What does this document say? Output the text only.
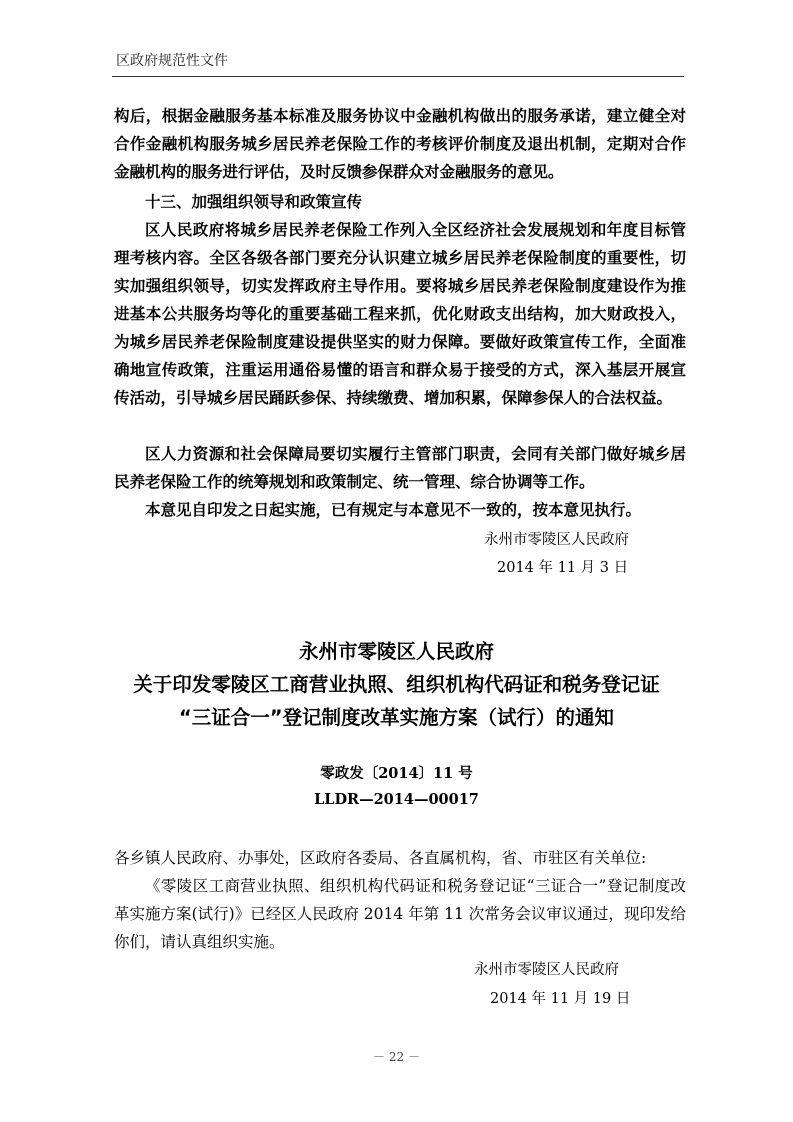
区政府规范性文件
构后，根据金融服务基本标准及服务协议中金融机构做出的服务承诺，建立健全对合作金融机构服务城乡居民养老保险工作的考核评价制度及退出机制，定期对合作金融机构的服务进行评估，及时反馈参保群众对金融服务的意见。
十三、加强组织领导和政策宣传
区人民政府将城乡居民养老保险工作列入全区经济社会发展规划和年度目标管理考核内容。全区各级各部门要充分认识建立城乡居民养老保险制度的重要性，切实加强组织领导，切实发挥政府主导作用。要将城乡居民养老保险制度建设作为推进基本公共服务均等化的重要基础工程来抓，优化财政支出结构，加大财政投入，为城乡居民养老保险制度建设提供坚实的财力保障。要做好政策宣传工作，全面准确地宣传政策，注重运用通俗易懂的语言和群众易于接受的方式，深入基层开展宣传活动，引导城乡居民踊跃参保、持续缴费、增加积累，保障参保人的合法权益。
区人力资源和社会保障局要切实履行主管部门职责，会同有关部门做好城乡居民养老保险工作的统筹规划和政策制定、统一管理、综合协调等工作。
本意见自印发之日起实施，已有规定与本意见不一致的，按本意见执行。
永州市零陵区人民政府
2014 年 11 月 3 日
永州市零陵区人民政府
关于印发零陵区工商营业执照、组织机构代码证和税务登记证
“三证合一”登记制度改革实施方案（试行）的通知
零政发〔2014〕11 号
LLDR—2014—00017
各乡镇人民政府、办事处，区政府各委局、各直属机构，省、市驻区有关单位:
《零陵区工商营业执照、组织机构代码证和税务登记证“三证合一”登记制度改革实施方案(试行)》已经区人民政府 2014 年第 11 次常务会议审议通过，现印发给你们，请认真组织实施。
永州市零陵区人民政府
2014 年 11 月 19 日
－ 22 －
